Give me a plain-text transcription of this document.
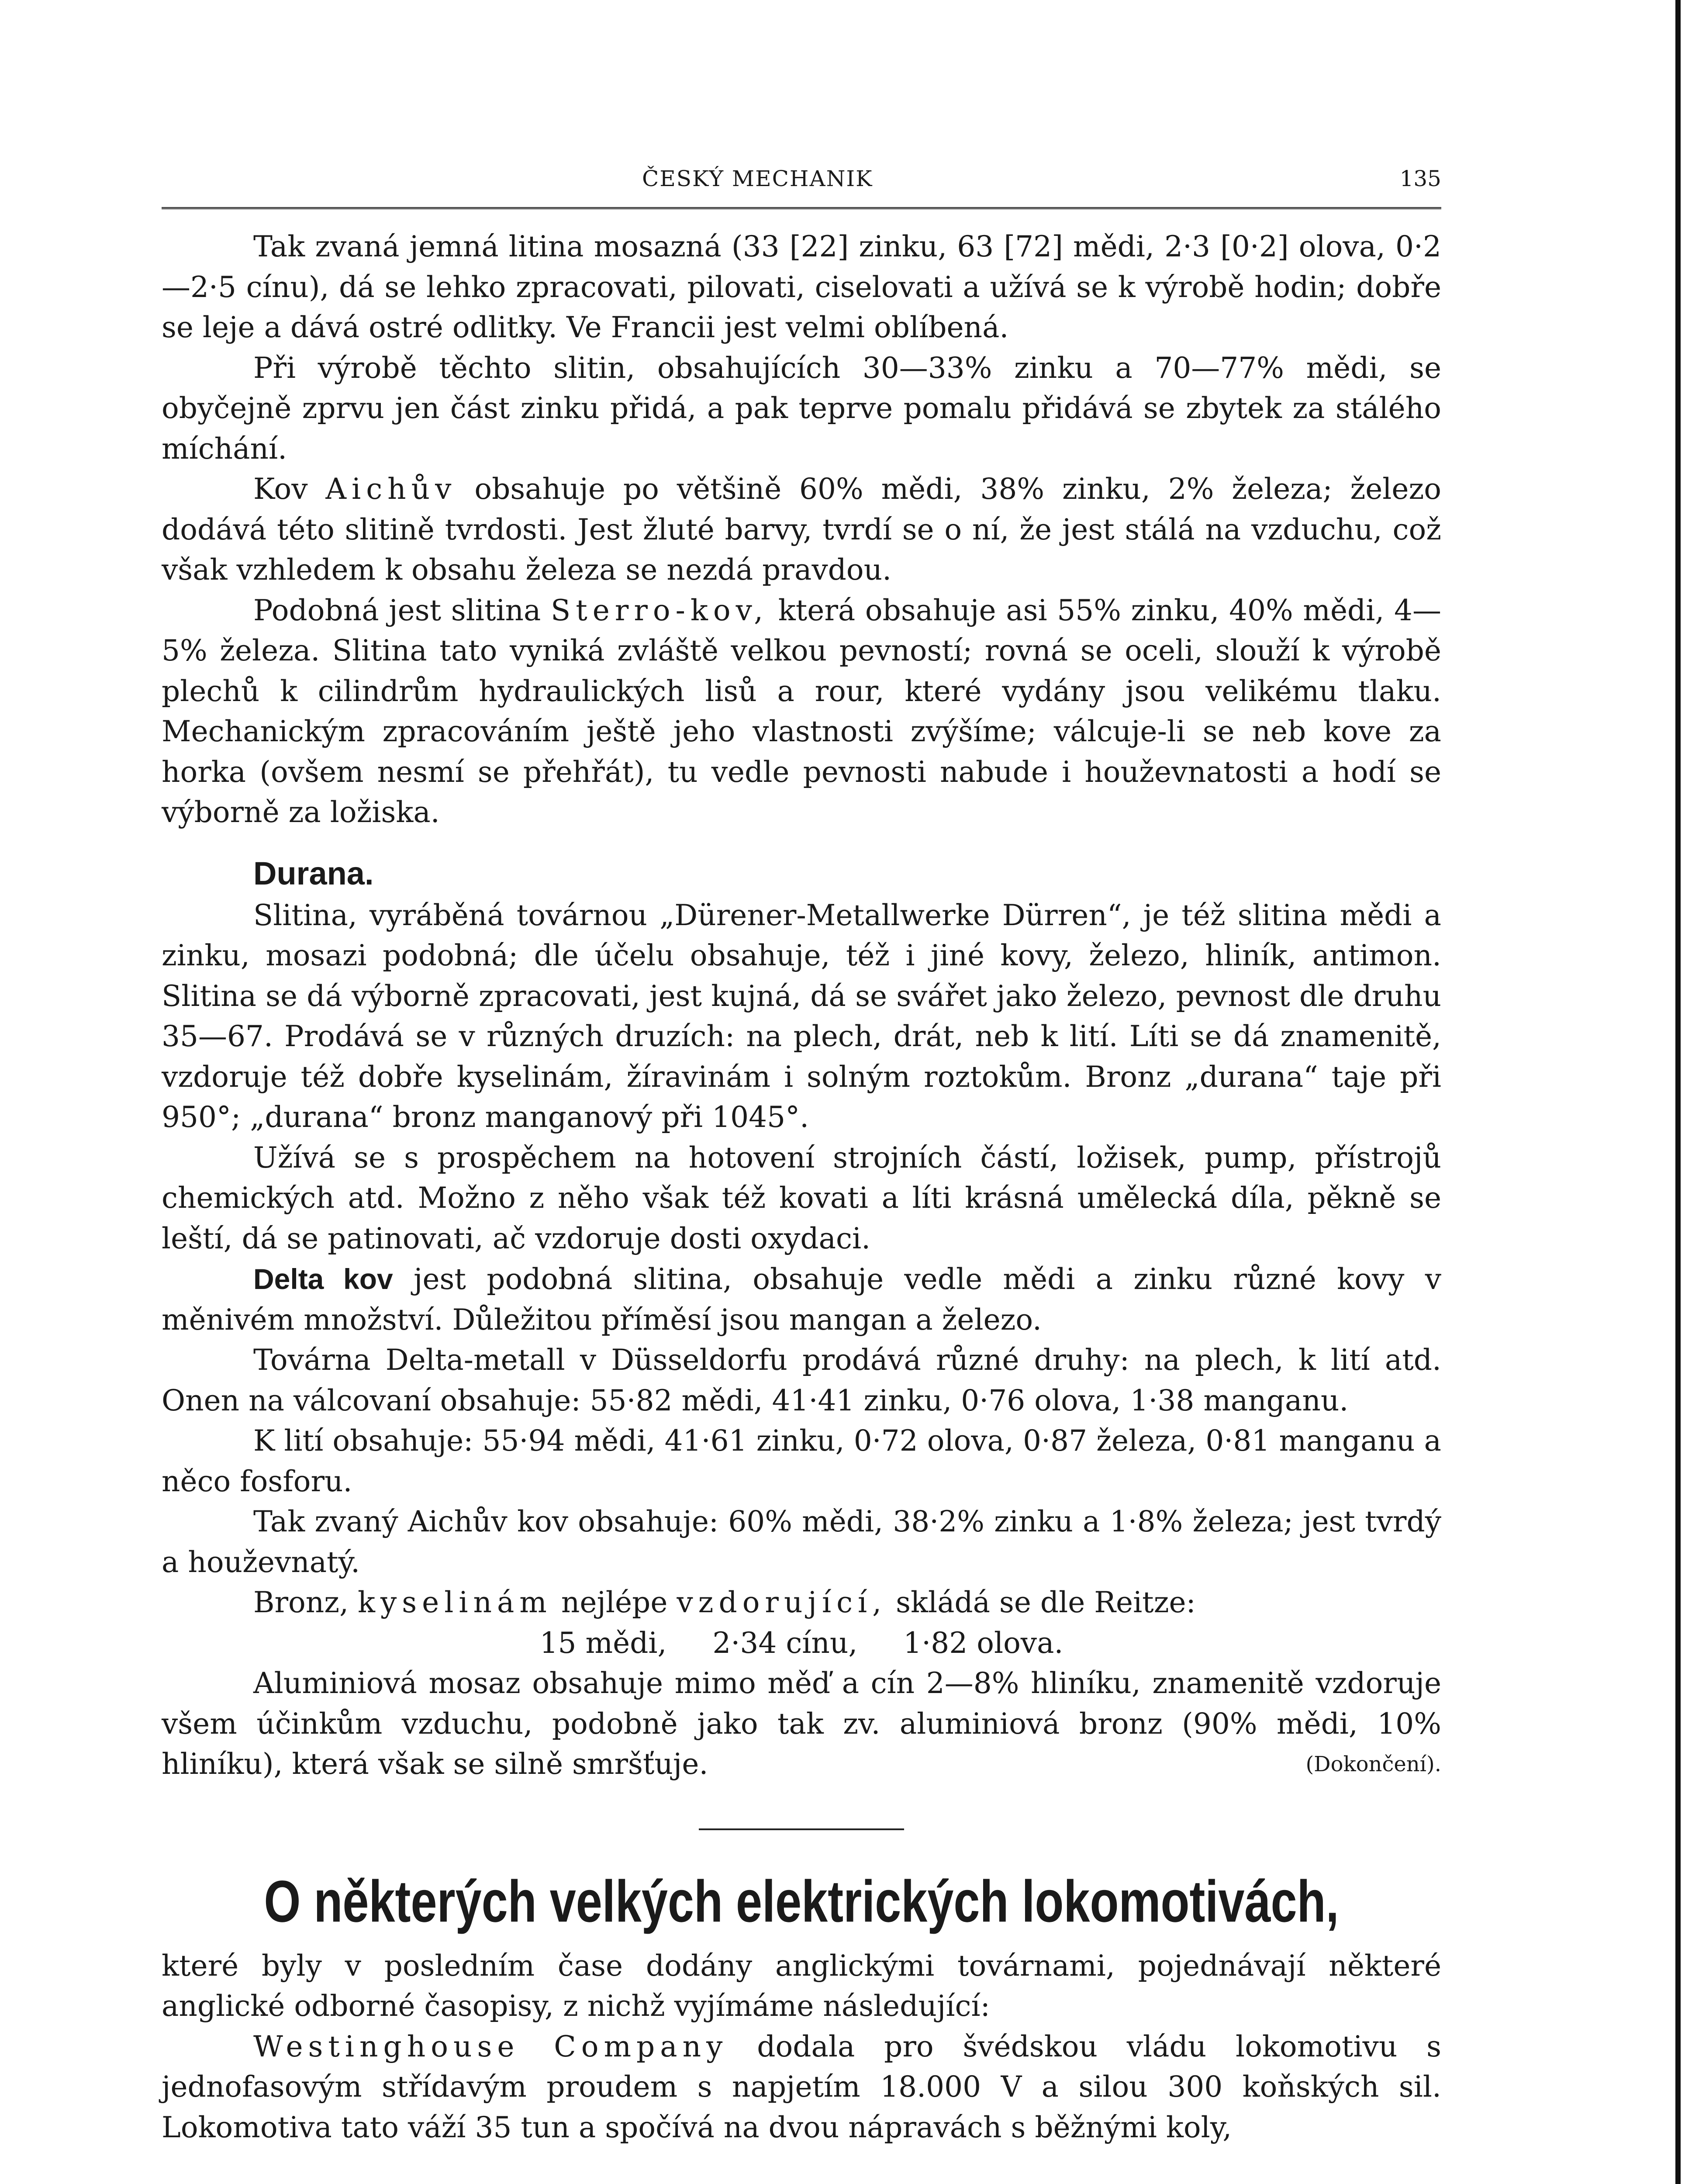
ČESKÝ MECHANIK	135

Tak zvaná jemná litina mosazná (33 [22] zinku, 63 [72] mědi, 2·3 [0·2] olova, 0·2—2·5 cínu), dá se lehko zpracovati, pilovati, ciselovati a užívá se k výrobě hodin; dobře se leje a dává ostré odlitky. Ve Francii jest velmi oblíbená.

Při výrobě těchto slitin, obsahujících 30—33% zinku a 70—77% mědi, se obyčejně zprvu jen část zinku přidá, a pak teprve pomalu přidává se zbytek za stálého míchání.

Kov Aichův obsahuje po většině 60% mědi, 38% zinku, 2% železa; železo dodává této slitině tvrdosti. Jest žluté barvy, tvrdí se o ní, že jest stálá na vzduchu, což však vzhledem k obsahu železa se nezdá pravdou.

Podobná jest slitina Sterro-kov, která obsahuje asi 55% zinku, 40% mědi, 4—5% železa. Slitina tato vyniká zvláště velkou pevností; rovná se oceli, slouží k výrobě plechů k cilindrům hydraulických lisů a rour, které vydány jsou velikému tlaku. Mechanickým zpracováním ještě jeho vlastnosti zvýšíme; válcuje-li se neb kove za horka (ovšem nesmí se přehřát), tu vedle pevnosti nabude i houževnatosti a hodí se výborně za ložiska.

Durana.

Slitina, vyráběná továrnou „Dürener-Metallwerke Dürren“, je též slitina mědi a zinku, mosazi podobná; dle účelu obsahuje, též i jiné kovy, železo, hliník, antimon. Slitina se dá výborně zpracovati, jest kujná, dá se svářet jako železo, pevnost dle druhu 35—67. Prodává se v různých druzích: na plech, drát, neb k lití. Líti se dá znamenitě, vzdoruje též dobře kyselinám, žíravinám i solným roztokům. Bronz „durana“ taje při 950°; „durana“ bronz manganový při 1045°.

Užívá se s prospěchem na hotovení strojních částí, ložisek, pump, přístrojů chemických atd. Možno z něho však též kovati a líti krásná umělecká díla, pěkně se leští, dá se patinovati, ač vzdoruje dosti oxydaci.

Delta kov jest podobná slitina, obsahuje vedle mědi a zinku různé kovy v měnivém množství. Důležitou příměsí jsou mangan a železo.

Továrna Delta-metall v Düsseldorfu prodává různé druhy: na plech, k lití atd. Onen na válcovaní obsahuje: 55·82 mědi, 41·41 zinku, 0·76 olova, 1·38 manganu.

K lití obsahuje: 55·94 mědi, 41·61 zinku, 0·72 olova, 0·87 železa, 0·81 manganu a něco fosforu.

Tak zvaný Aichův kov obsahuje: 60% mědi, 38·2% zinku a 1·8% železa; jest tvrdý a houževnatý.

Bronz, kyselinám nejlépe vzdorující, skládá se dle Reitze:

15 mědi,     2·34 cínu,     1·82 olova.

Aluminiová mosaz obsahuje mimo měď a cín 2—8% hliníku, znamenitě vzdoruje všem účinkům vzduchu, podobně jako tak zv. aluminiová bronz (90% mědi, 10% hliníku), která však se silně smršťuje.	(Dokončení).

O některých velkých elektrických lokomotivách,

které byly v posledním čase dodány anglickými továrnami, pojednávají některé anglické odborné časopisy, z nichž vyjímáme následující:

Westinghouse Company dodala pro švédskou vládu lokomotivu s jednofasovým střídavým proudem s napjetím 18.000 V a silou 300 koňských sil. Lokomotiva tato váží 35 tun a spočívá na dvou nápravách s běžnými koly,
